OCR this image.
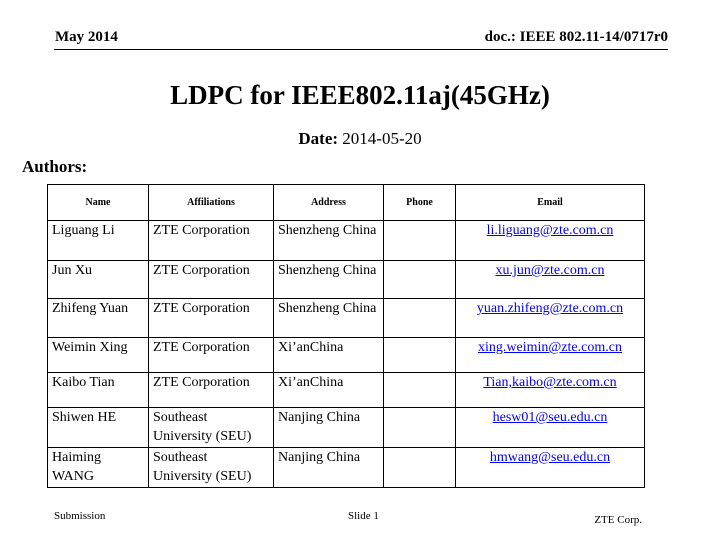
May 2014	doc.: IEEE 802.11-14/0717r0
LDPC for IEEE802.11aj(45GHz)
Date: 2014-05-20
Authors:
Name	Affiliations	Address	Phone	Email
Liguang Li	ZTE Corporation	Shenzheng China		li.liguang@zte.com.cn
Jun Xu	ZTE Corporation	Shenzheng China		xu.jun@zte.com.cn
Zhifeng Yuan	ZTE Corporation	Shenzheng China		yuan.zhifeng@zte.com.cn
Weimin Xing	ZTE Corporation	Xi’anChina		xing.weimin@zte.com.cn
Kaibo Tian	ZTE Corporation	Xi’anChina		Tian,kaibo@zte.com.cn
Shiwen HE	Southeast University (SEU)	Nanjing China		hesw01@seu.edu.cn
Haiming WANG	Southeast University (SEU)	Nanjing China		hmwang@seu.edu.cn
Submission	Slide 1	ZTE Corp.
